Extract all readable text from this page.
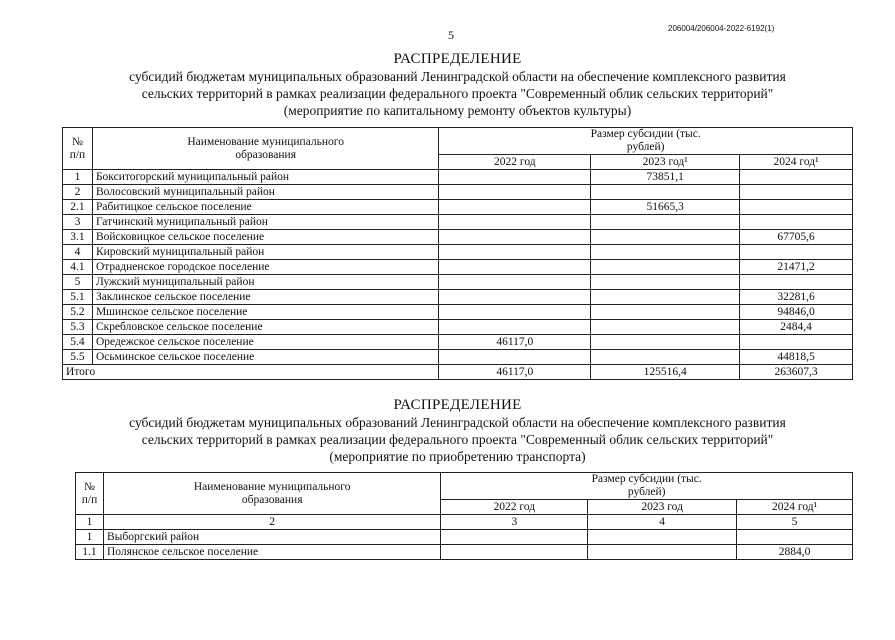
5	206004/206004-2022-6192(1)
РАСПРЕДЕЛЕНИЕ
субсидий бюджетам муниципальных образований Ленинградской области на обеспечение комплексного развития
сельских территорий в рамках реализации федерального проекта "Современный облик сельских территорий"
(мероприятие по капитальному ремонту объектов культуры)
№ п/п	Наименование муниципального образования	Размер субсидии (тыс. рублей)		
		2022 год	2023 год¹	2024 год¹
1	Бокситогорский муниципальный район		73851,1	
2	Волосовский муниципальный район			
2.1	Рабитицкое сельское поселение		51665,3	
3	Гатчинский муниципальный район			
3.1	Войсковицкое сельское поселение			67705,6
4	Кировский муниципальный район			
4.1	Отрадненское городское поселение			21471,2
5	Лужский муниципальный район			
5.1	Заклинское сельское поселение			32281,6
5.2	Мшинское сельское поселение			94846,0
5.3	Скребловское сельское поселение			2484,4
5.4	Оредежское сельское поселение	46117,0		
5.5	Осьминское сельское поселение			44818,5
Итого		46117,0	125516,4	263607,3
РАСПРЕДЕЛЕНИЕ
субсидий бюджетам муниципальных образований Ленинградской области на обеспечение комплексного развития
сельских территорий в рамках реализации федерального проекта "Современный облик сельских территорий"
(мероприятие по приобретению транспорта)
№ п/п	Наименование муниципального образования	Размер субсидии (тыс. рублей)		
		2022 год	2023 год	2024 год¹
1	2	3	4	5
1	Выборгский район			
1.1	Полянское сельское поселение			2884,0
